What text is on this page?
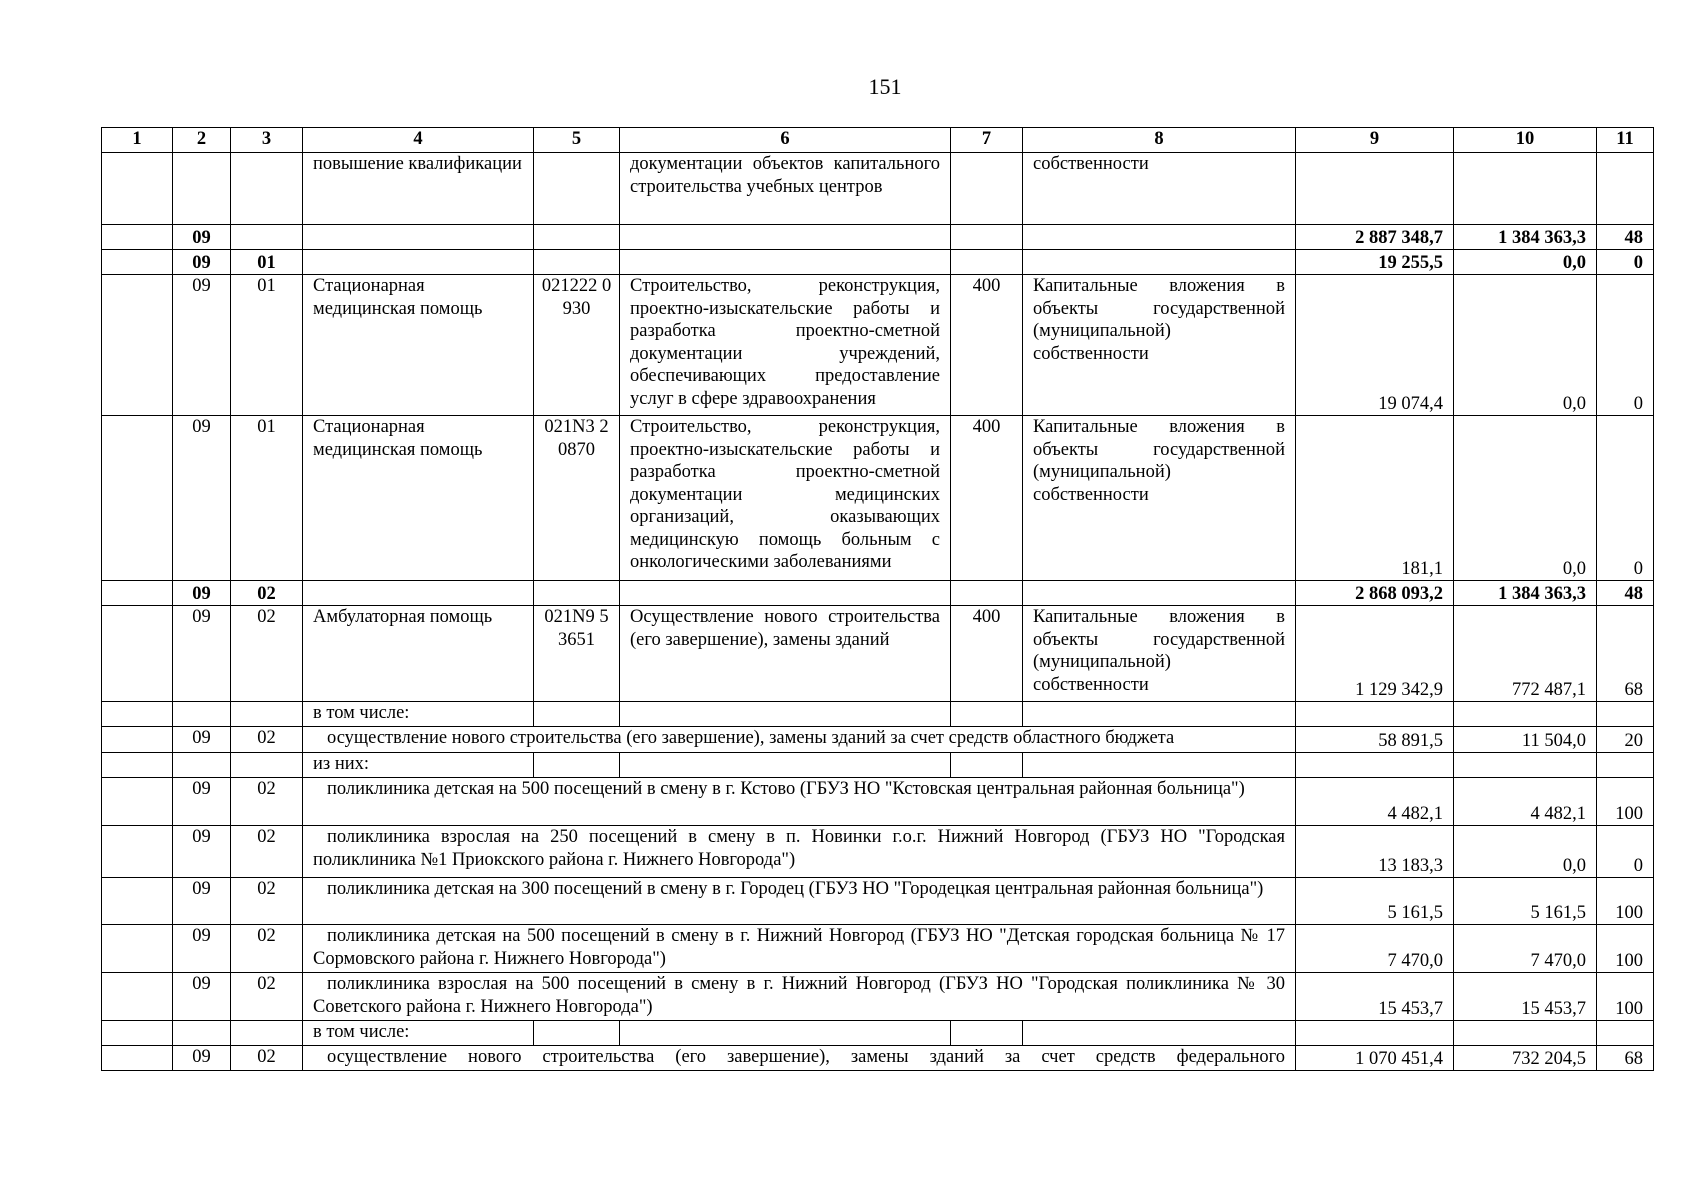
151
1	2	3	4	5	6	7	8	9	10	11
			повышение квалификации		документации объектов капитального строительства учебных центров		собственности			
	09							2 887 348,7	1 384 363,3	48
	09	01						19 255,5	0,0	0
	09	01	Стационарная медицинская помощь	021222 0930	Строительство, реконструкция, проектно-изыскательские работы и разработка проектно-сметной документации учреждений, обеспечивающих предоставление услуг в сфере здравоохранения	400	Капитальные вложения в объекты государственной (муниципальной) собственности	19 074,4	0,0	0
	09	01	Стационарная медицинская помощь	021N3 20870	Строительство, реконструкция, проектно-изыскательские работы и разработка проектно-сметной документации медицинских организаций, оказывающих медицинскую помощь больным с онкологическими заболеваниями	400	Капитальные вложения в объекты государственной (муниципальной) собственности	181,1	0,0	0
	09	02						2 868 093,2	1 384 363,3	48
	09	02	Амбулаторная помощь	021N9 53651	Осуществление нового строительства (его завершение), замены зданий	400	Капитальные вложения в объекты государственной (муниципальной) собственности	1 129 342,9	772 487,1	68
			в том числе:							
	09	02	осуществление нового строительства (его завершение), замены зданий за счет средств областного бюджета					58 891,5	11 504,0	20
			из них:							
	09	02	поликлиника детская на 500 посещений в смену в г. Кстово (ГБУЗ НО "Кстовская центральная районная больница")					4 482,1	4 482,1	100
	09	02	поликлиника взрослая на 250 посещений в смену в п. Новинки г.о.г. Нижний Новгород (ГБУЗ НО "Городская поликлиника №1 Приокского района г. Нижнего Новгорода")					13 183,3	0,0	0
	09	02	поликлиника детская на 300 посещений в смену в г. Городец (ГБУЗ НО "Городецкая центральная районная больница")					5 161,5	5 161,5	100
	09	02	поликлиника детская на 500 посещений в смену в г. Нижний Новгород (ГБУЗ НО "Детская городская больница № 17 Сормовского района г. Нижнего Новгорода")					7 470,0	7 470,0	100
	09	02	поликлиника взрослая на 500 посещений в смену в г. Нижний Новгород (ГБУЗ НО "Городская поликлиника № 30 Советского района г. Нижнего Новгорода")					15 453,7	15 453,7	100
			в том числе:							
	09	02	осуществление нового строительства (его завершение), замены зданий за счет средств федерального					1 070 451,4	732 204,5	68
